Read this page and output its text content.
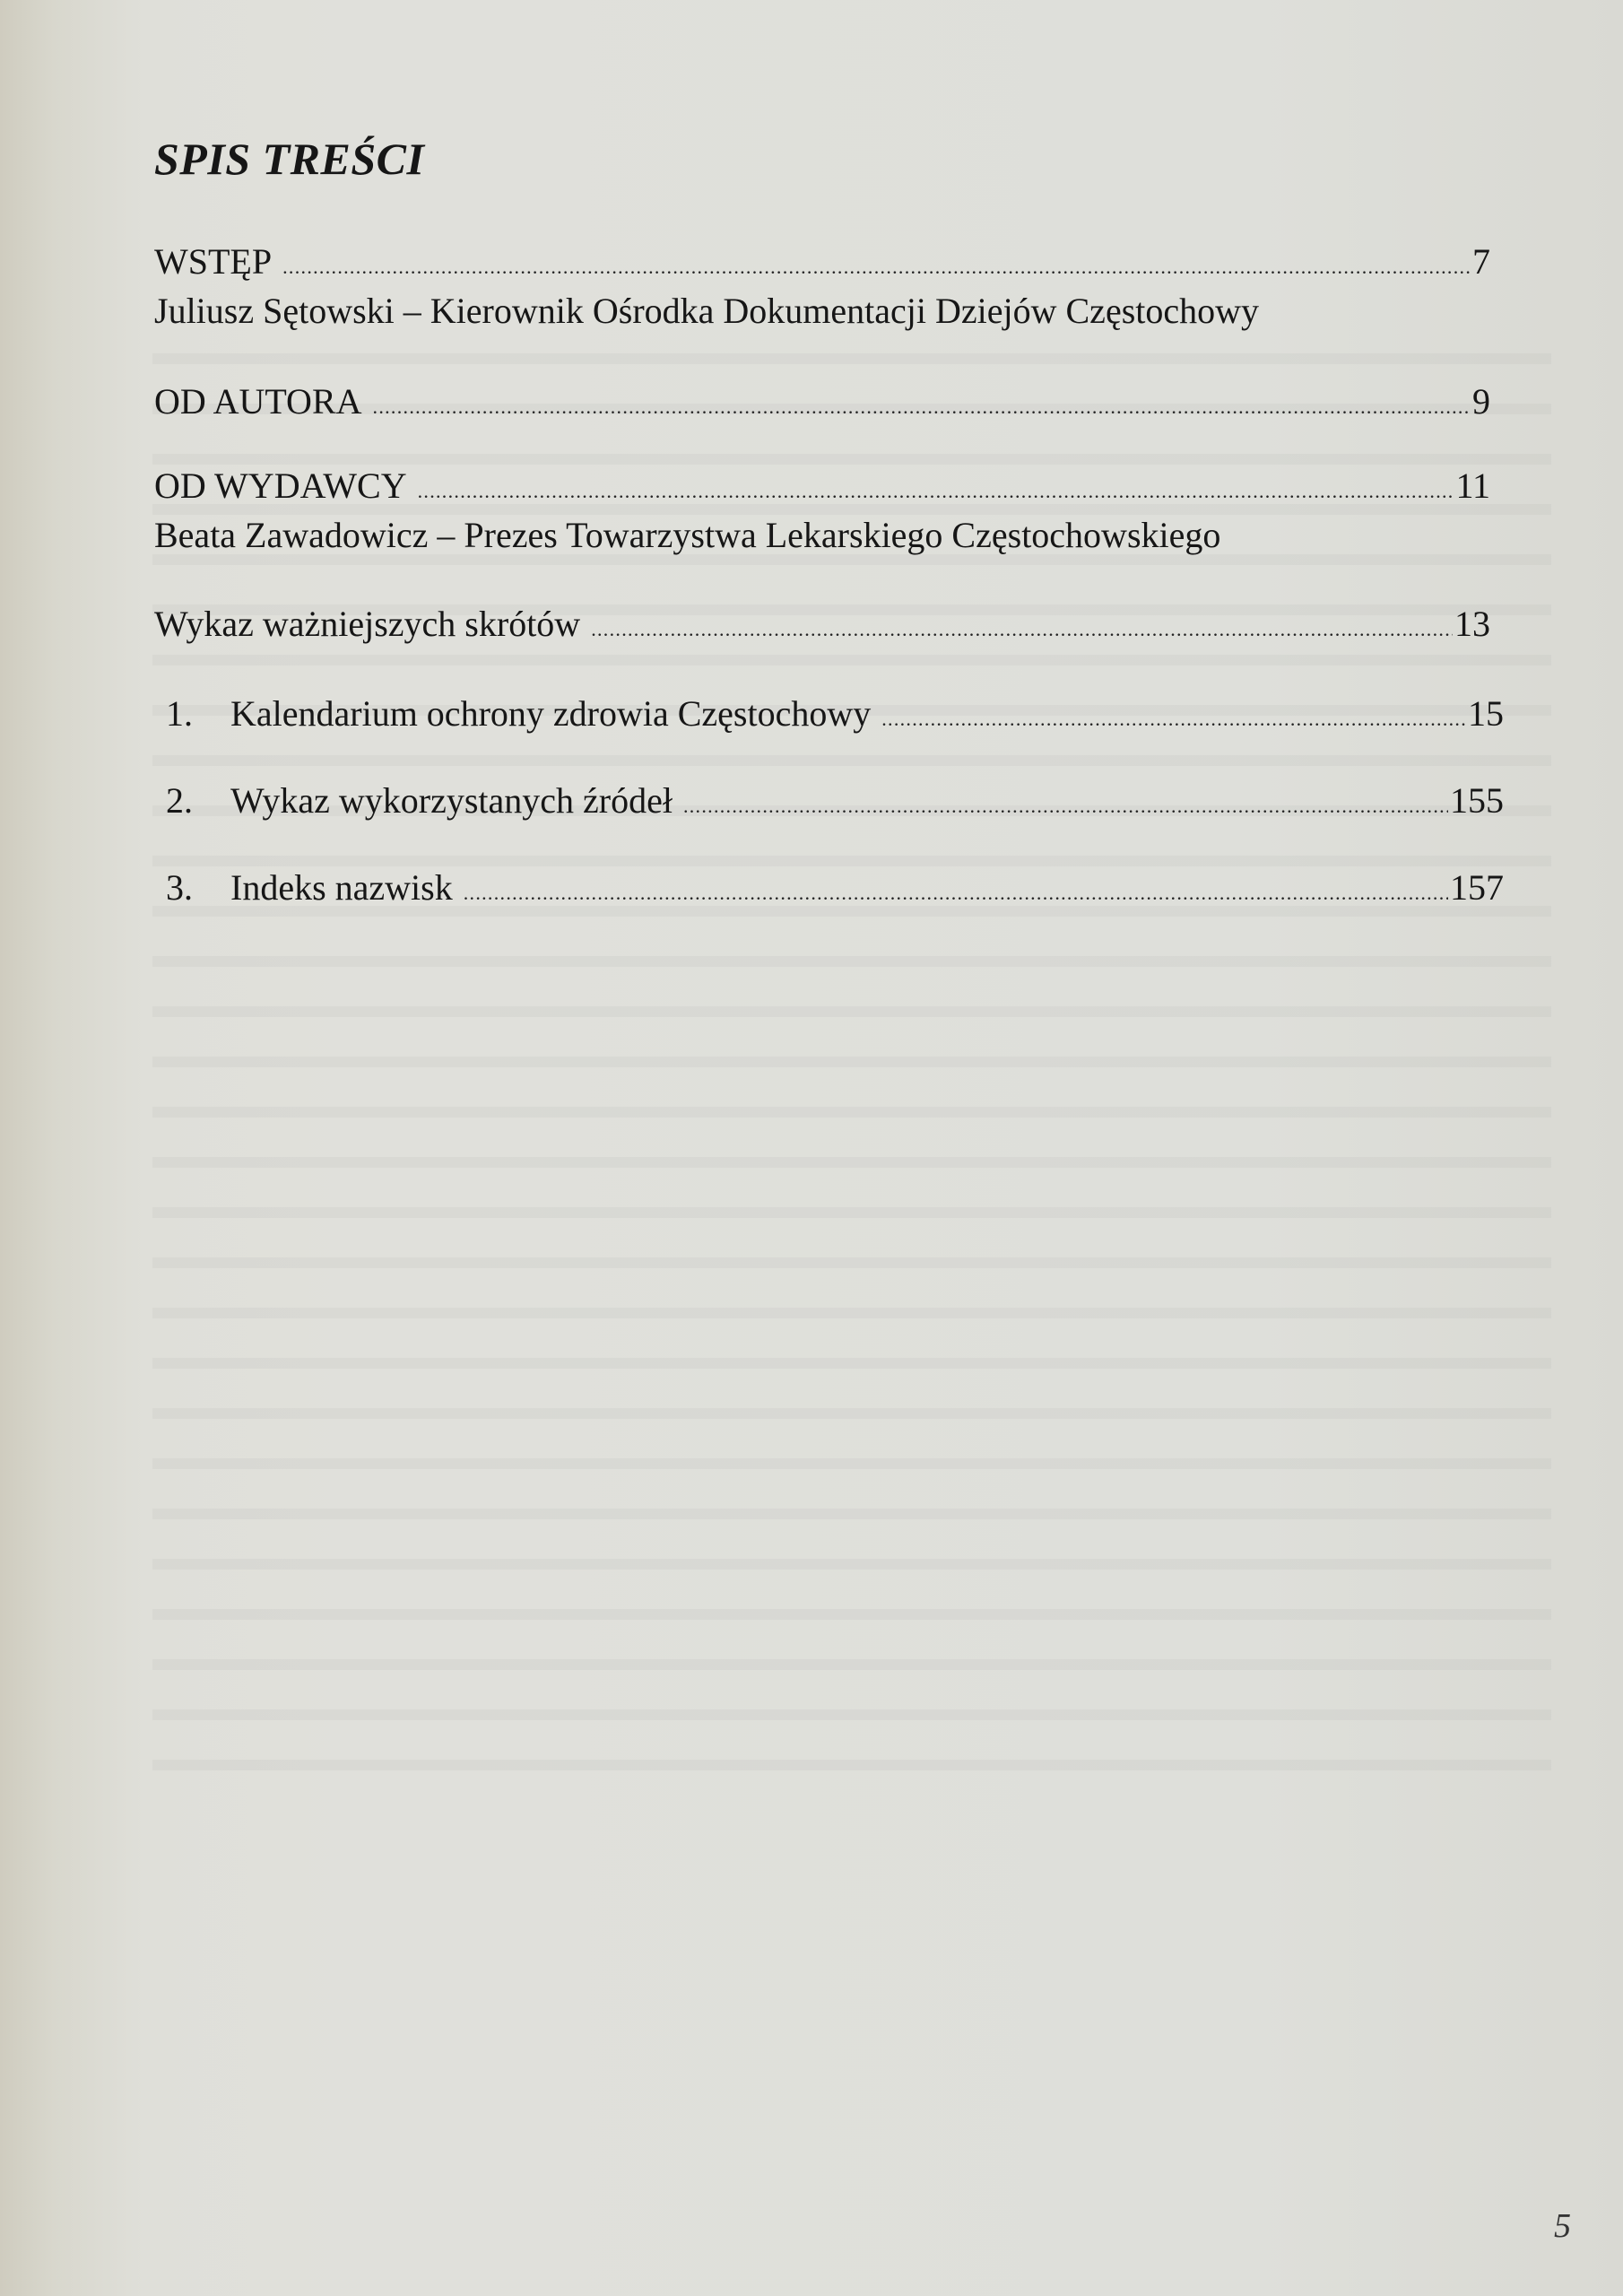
SPIS TREŚCI
WSTĘP .....	7
Juliusz Sętowski – Kierownik Ośrodka Dokumentacji Dziejów Częstochowy
OD AUTORA .....	9
OD WYDAWCY .....	11
Beata Zawadowicz – Prezes Towarzystwa Lekarskiego Częstochowskiego
Wykaz ważniejszych skrótów .....	13
1. Kalendarium ochrony zdrowia Częstochowy .....	15
2. Wykaz wykorzystanych źródeł .....	155
3. Indeks nazwisk .....	157
5
